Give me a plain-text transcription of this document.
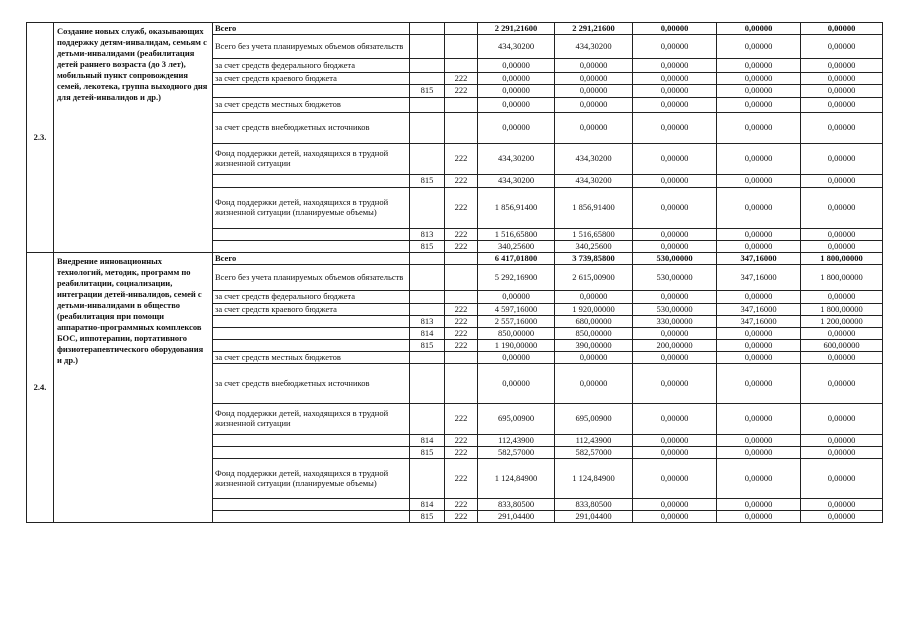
2.3.	Создание новых служб, оказывающих поддержку детям-инвалидам, семьям с детьми-инвалидами (реабилитация детей раннего возраста (до 3 лет), мобильный пункт сопровождения семей, лекотека, группа выходного дня для детей-инвалидов и др.)	Всего			2 291,21600	2 291,21600	0,00000	0,00000	0,00000
		Всего без учета планируемых объемов обязательств			434,30200	434,30200	0,00000	0,00000	0,00000
		за счет средств федерального бюджета			0,00000	0,00000	0,00000	0,00000	0,00000
		за счет средств краевого бюджета		222	0,00000	0,00000	0,00000	0,00000	0,00000
			815	222	0,00000	0,00000	0,00000	0,00000	0,00000
		за счет средств местных бюджетов			0,00000	0,00000	0,00000	0,00000	0,00000
		за счет средств внебюджетных источников			0,00000	0,00000	0,00000	0,00000	0,00000
		Фонд поддержки детей, находящихся в трудной жизненной ситуации		222	434,30200	434,30200	0,00000	0,00000	0,00000
			815	222	434,30200	434,30200	0,00000	0,00000	0,00000
		Фонд поддержки детей, находящихся в трудной жизненной ситуации (планируемые объемы)		222	1 856,91400	1 856,91400	0,00000	0,00000	0,00000
			813	222	1 516,65800	1 516,65800	0,00000	0,00000	0,00000
			815	222	340,25600	340,25600	0,00000	0,00000	0,00000
2.4.	Внедрение инновационных технологий, методик, программ по реабилитации, социализации, интеграции детей-инвалидов, семей с детьми-инвалидами в общество (реабилитация при помощи аппаратно-программных комплексов БОС, иппотерапии, портативного физиотерапевтического оборудования и др.)	Всего			6 417,01800	3 739,85800	530,00000	347,16000	1 800,00000
		Всего без учета планируемых объемов обязательств			5 292,16900	2 615,00900	530,00000	347,16000	1 800,00000
		за счет средств федерального бюджета			0,00000	0,00000	0,00000	0,00000	0,00000
		за счет средств краевого бюджета		222	4 597,16000	1 920,00000	530,00000	347,16000	1 800,00000
			813	222	2 557,16000	680,00000	330,00000	347,16000	1 200,00000
			814	222	850,00000	850,00000	0,00000	0,00000	0,00000
			815	222	1 190,00000	390,00000	200,00000	0,00000	600,00000
		за счет средств местных бюджетов			0,00000	0,00000	0,00000	0,00000	0,00000
		за счет средств внебюджетных источников			0,00000	0,00000	0,00000	0,00000	0,00000
		Фонд поддержки детей, находящихся в трудной жизненной ситуации		222	695,00900	695,00900	0,00000	0,00000	0,00000
			814	222	112,43900	112,43900	0,00000	0,00000	0,00000
			815	222	582,57000	582,57000	0,00000	0,00000	0,00000
		Фонд поддержки детей, находящихся в трудной жизненной ситуации (планируемые объемы)		222	1 124,84900	1 124,84900	0,00000	0,00000	0,00000
			814	222	833,80500	833,80500	0,00000	0,00000	0,00000
			815	222	291,04400	291,04400	0,00000	0,00000	0,00000
